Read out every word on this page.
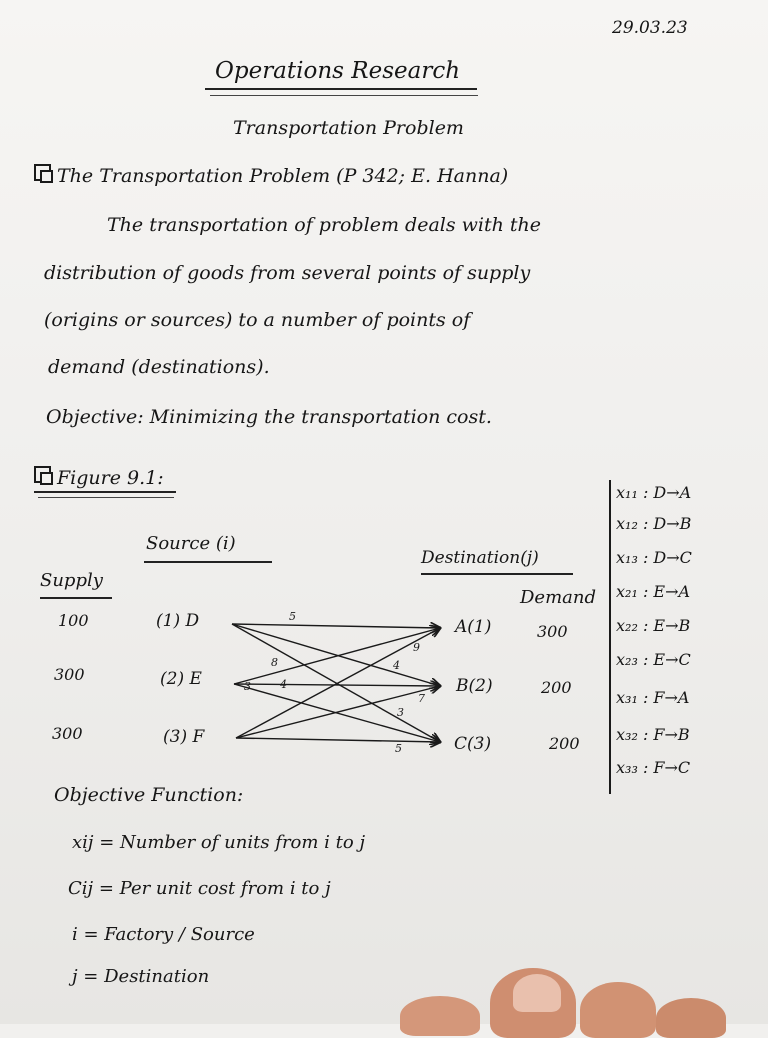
29.03.23
Operations Research
Transportation Problem
The Transportation Problem (P 342; E. Hanna)
The transportation of problem deals with the
distribution of goods from several points of supply
(origins or sources) to a number of points of
demand (destinations).
Objective: Minimizing the transportation cost.
Figure 9.1:
Source (i)
Destination(j)
Supply
Demand
100
300
300
(1) D
(2) E
(3) F
A(1)
B(2)
C(3)
300
200
200
5
9
8	4
3	4
7
3
5
x₁₁ : D→A
x₁₂ : D→B
x₁₃ : D→C
x₂₁ : E→A
x₂₂ : E→B
x₂₃ : E→C
x₃₁ : F→A
x₃₂ : F→B
x₃₃ : F→C
Objective Function:
xij = Number of units from i to j
Cij = Per unit cost from i to j
i = Factory / Source
j = Destination
